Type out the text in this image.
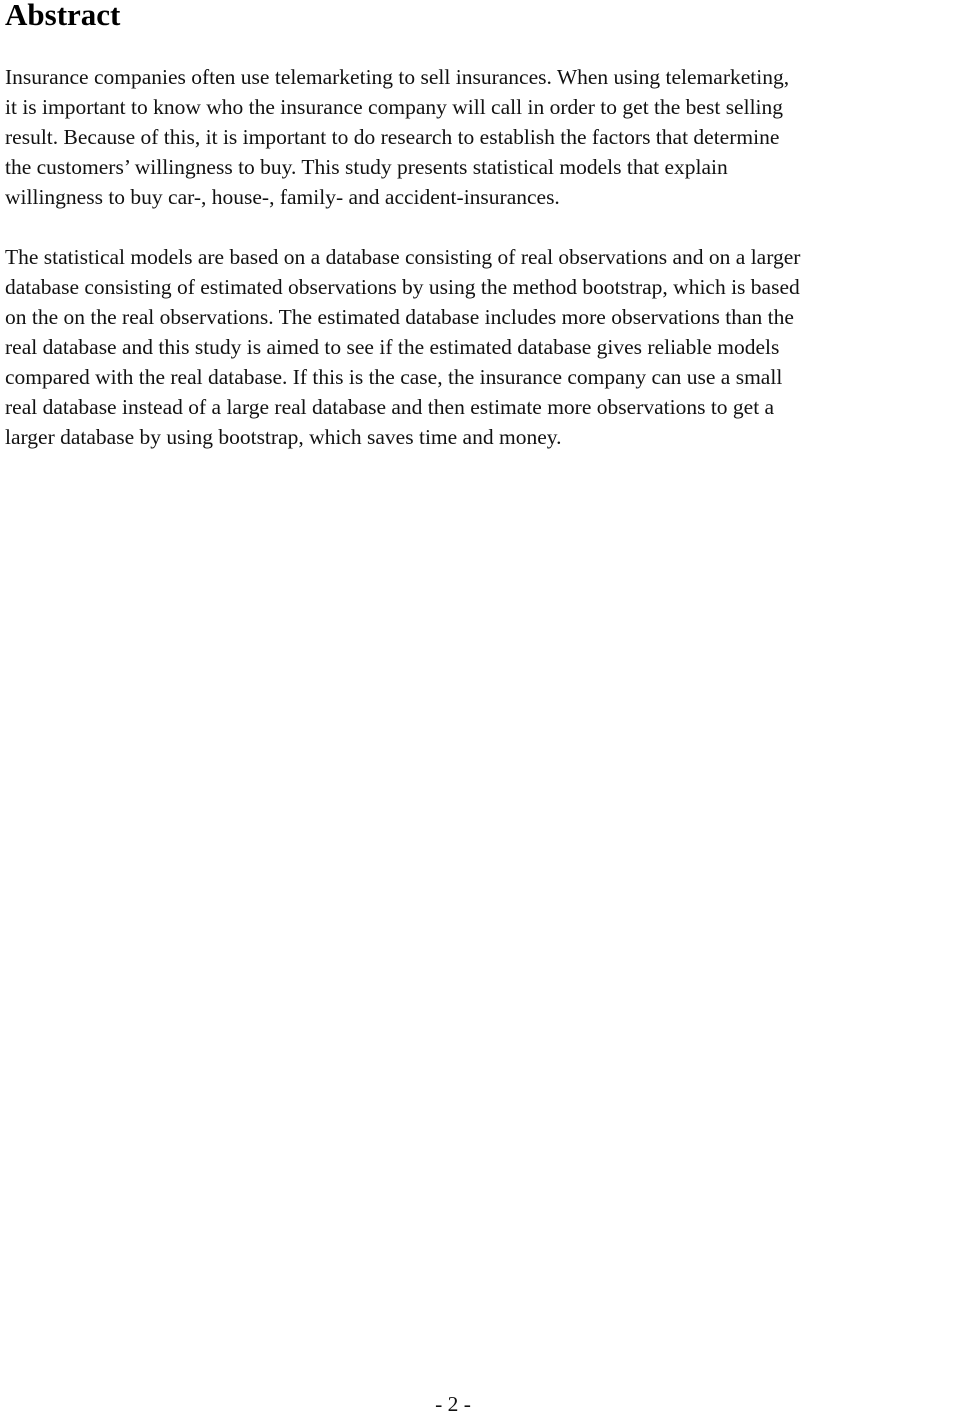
Abstract

Insurance companies often use telemarketing to sell insurances. When using telemarketing,
it is important to know who the insurance company will call in order to get the best selling
result. Because of this, it is important to do research to establish the factors that determine
the customers’ willingness to buy. This study presents statistical models that explain
willingness to buy car-, house-, family- and accident-insurances.

The statistical models are based on a database consisting of real observations and on a larger
database consisting of estimated observations by using the method bootstrap, which is based
on the on the real observations. The estimated database includes more observations than the
real database and this study is aimed to see if the estimated database gives reliable models
compared with the real database. If this is the case, the insurance company can use a small
real database instead of a large real database and then estimate more observations to get a
larger database by using bootstrap, which saves time and money.

- 2 -
